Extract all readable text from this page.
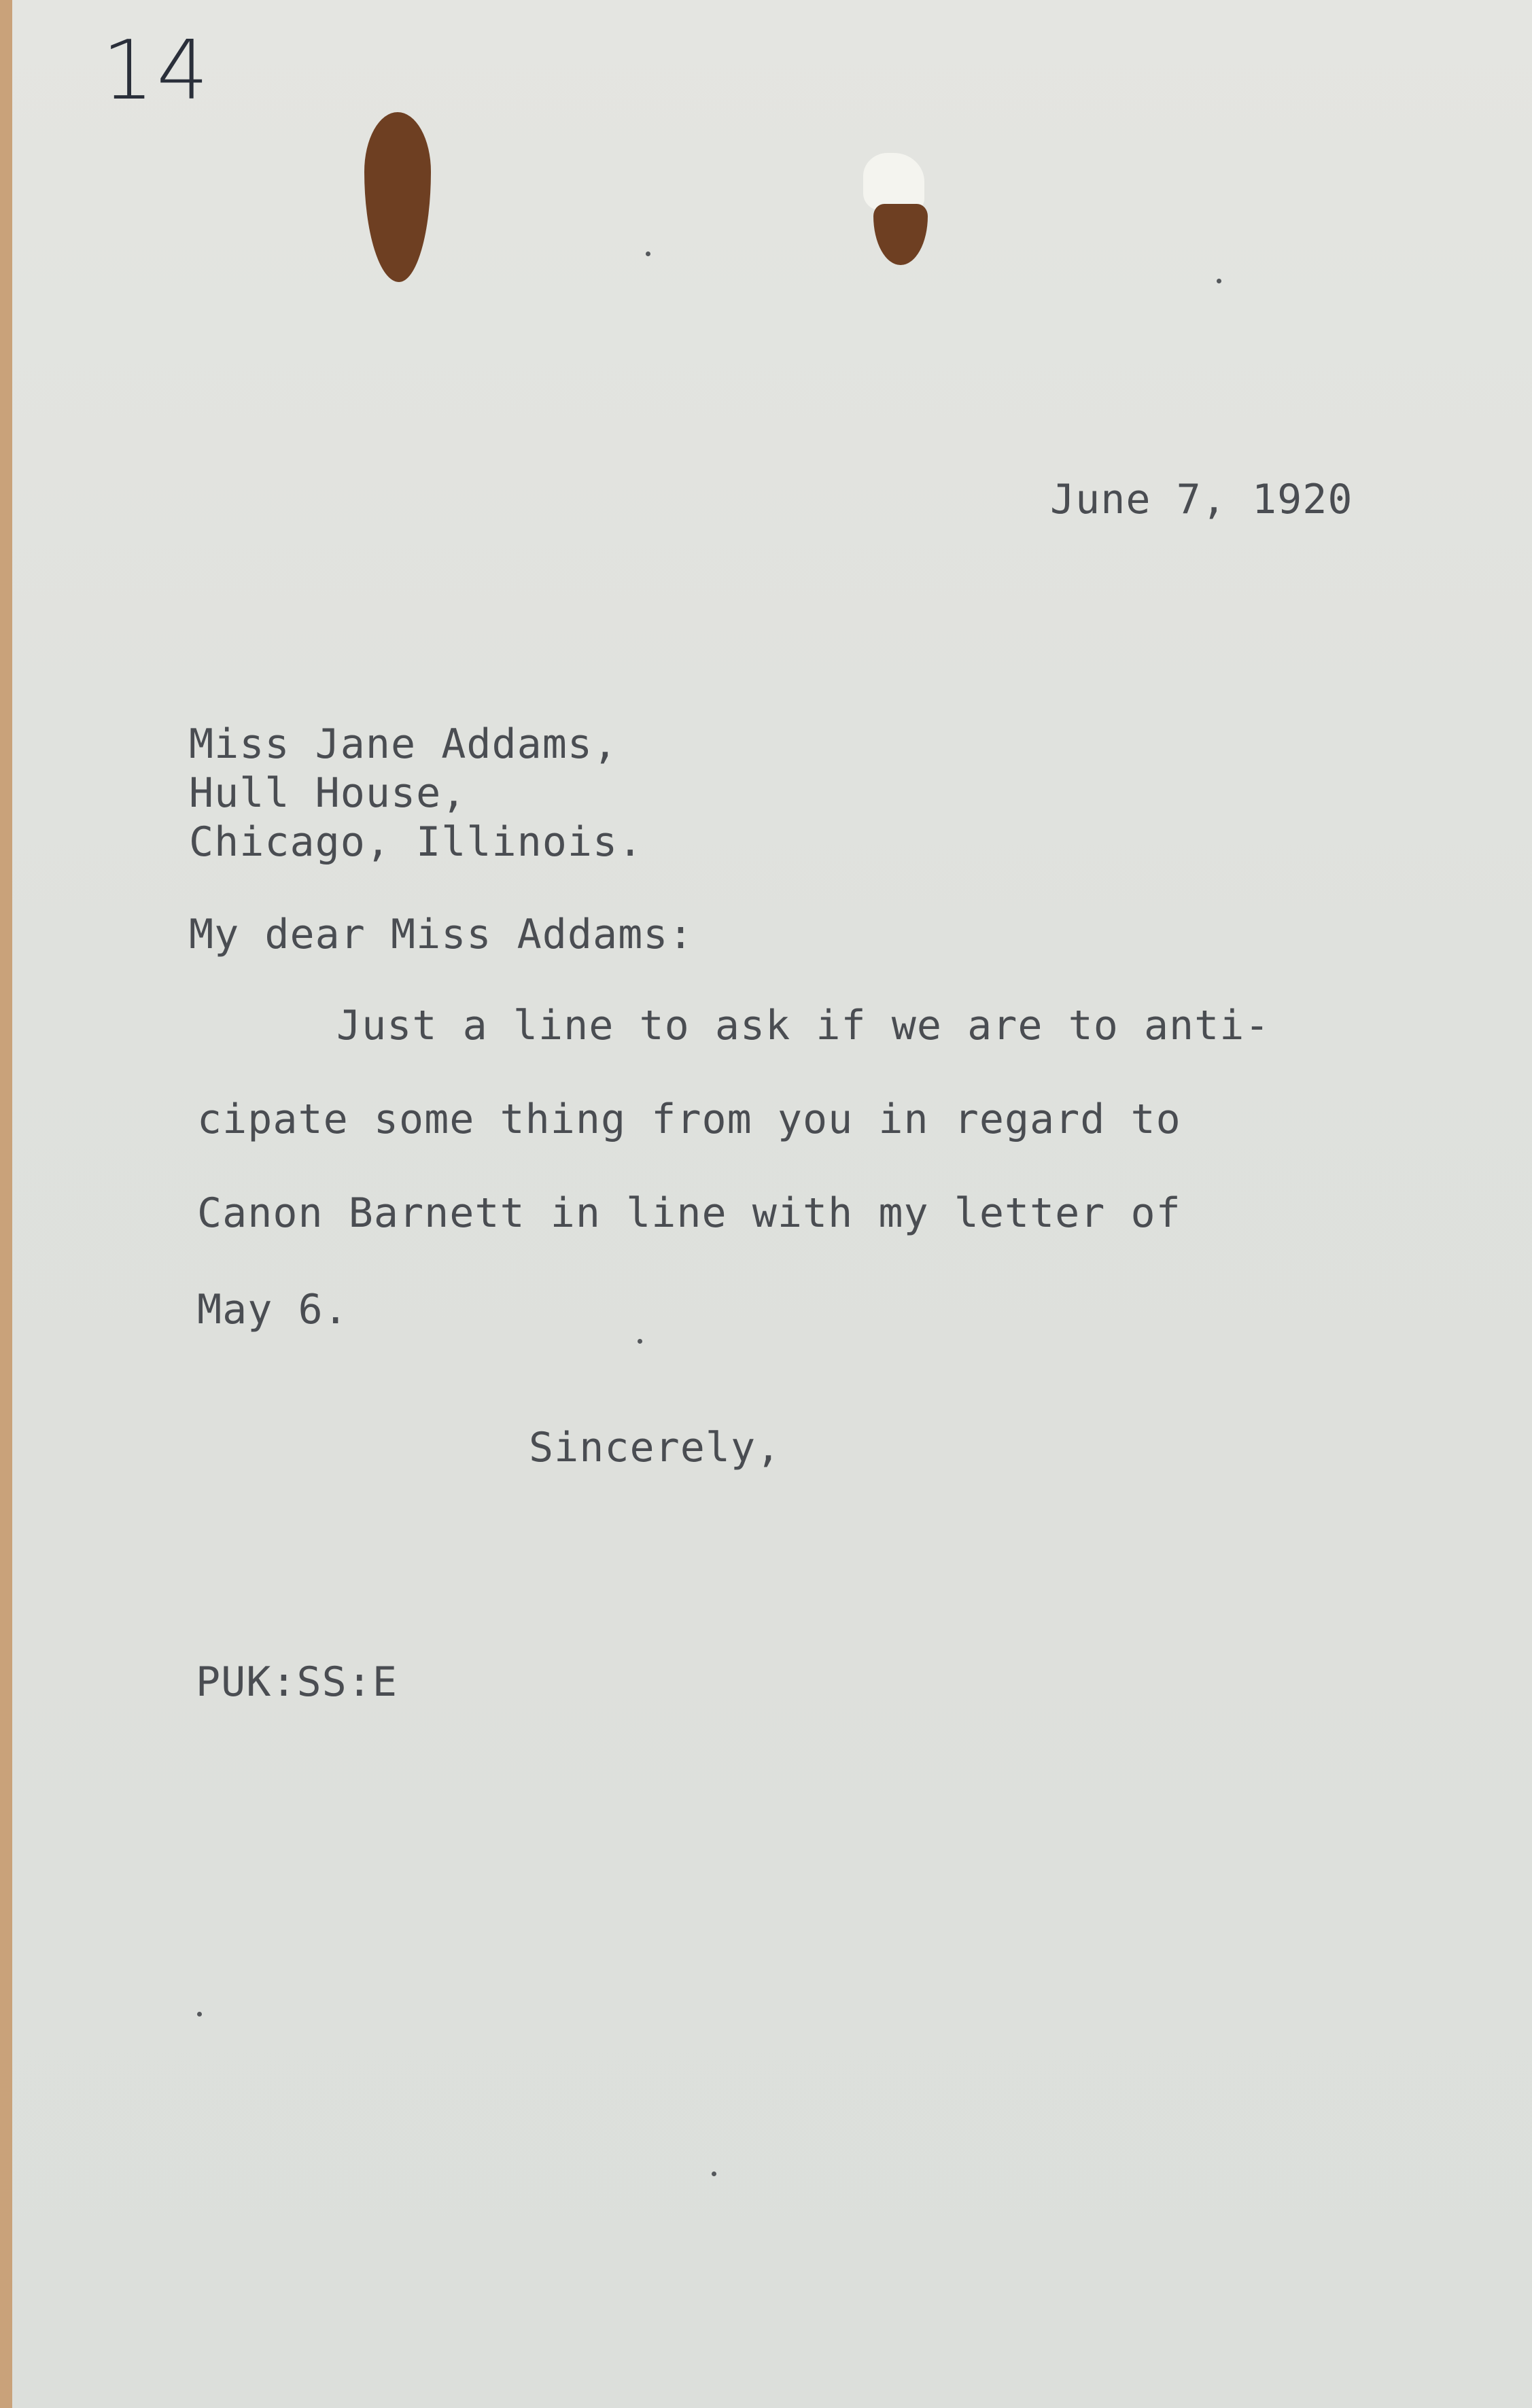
14
June 7, 1920
Miss Jane Addams,
Hull House,
Chicago, Illinois.
My dear Miss Addams:
Just a line to ask if we are to anti-
cipate some thing from you in regard to
Canon Barnett in line with my letter of
May 6.
Sincerely,
PUK:SS:E
